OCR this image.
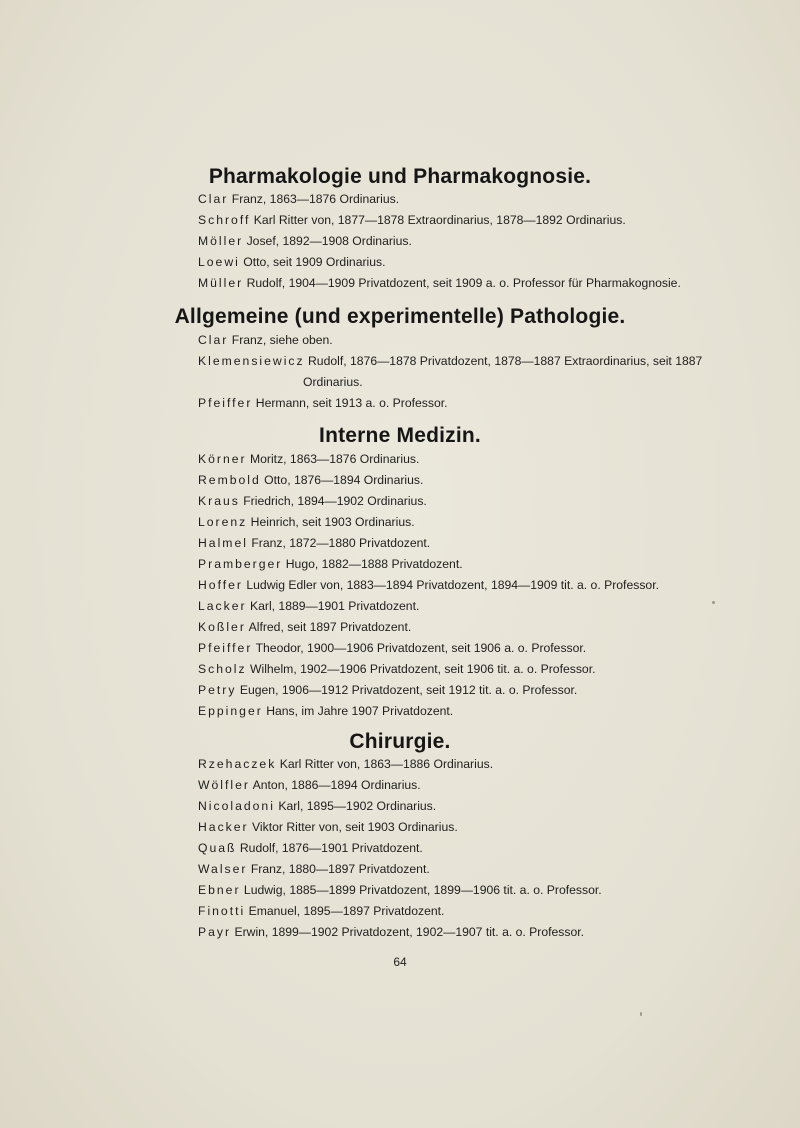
Pharmakologie und Pharmakognosie.
Clar Franz, 1863—1876 Ordinarius.
Schroff Karl Ritter von, 1877—1878 Extraordinarius, 1878—1892 Ordinarius.
Möller Josef, 1892—1908 Ordinarius.
Loewi Otto, seit 1909 Ordinarius.
Müller Rudolf, 1904—1909 Privatdozent, seit 1909 a. o. Professor für Pharmakognosie.
Allgemeine (und experimentelle) Pathologie.
Clar Franz, siehe oben.
Klemensiewicz Rudolf, 1876—1878 Privatdozent, 1878—1887 Extraordinarius, seit 1887
Ordinarius.
Pfeiffer Hermann, seit 1913 a. o. Professor.
Interne Medizin.
Körner Moritz, 1863—1876 Ordinarius.
Rembold Otto, 1876—1894 Ordinarius.
Kraus Friedrich, 1894—1902 Ordinarius.
Lorenz Heinrich, seit 1903 Ordinarius.
Halmel Franz, 1872—1880 Privatdozent.
Pramberger Hugo, 1882—1888 Privatdozent.
Hoffer Ludwig Edler von, 1883—1894 Privatdozent, 1894—1909 tit. a. o. Professor.
Lacker Karl, 1889—1901 Privatdozent.
Koßler Alfred, seit 1897 Privatdozent.
Pfeiffer Theodor, 1900—1906 Privatdozent, seit 1906 a. o. Professor.
Scholz Wilhelm, 1902—1906 Privatdozent, seit 1906 tit. a. o. Professor.
Petry Eugen, 1906—1912 Privatdozent, seit 1912 tit. a. o. Professor.
Eppinger Hans, im Jahre 1907 Privatdozent.
Chirurgie.
Rzehaczek Karl Ritter von, 1863—1886 Ordinarius.
Wölfler Anton, 1886—1894 Ordinarius.
Nicoladoni Karl, 1895—1902 Ordinarius.
Hacker Viktor Ritter von, seit 1903 Ordinarius.
Quaß Rudolf, 1876—1901 Privatdozent.
Walser Franz, 1880—1897 Privatdozent.
Ebner Ludwig, 1885—1899 Privatdozent, 1899—1906 tit. a. o. Professor.
Finotti Emanuel, 1895—1897 Privatdozent.
Payr Erwin, 1899—1902 Privatdozent, 1902—1907 tit. a. o. Professor.
64
